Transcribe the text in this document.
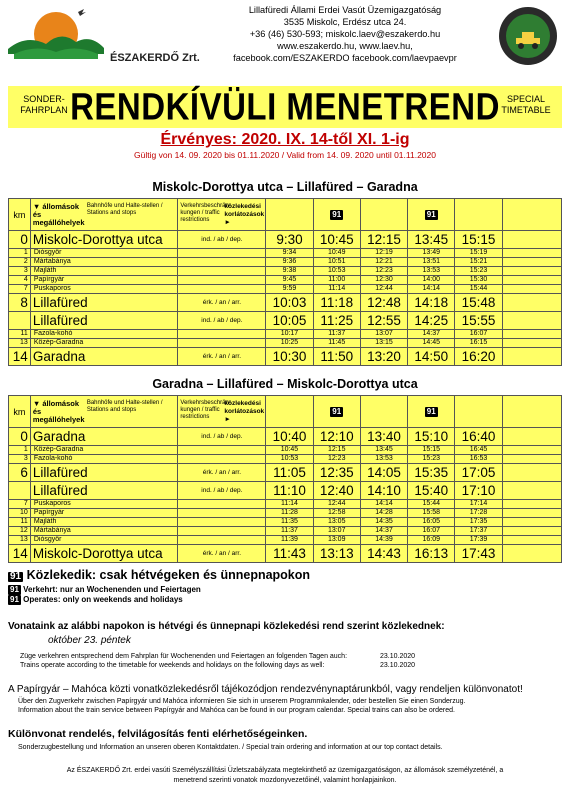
ÉSZAKERDŐ Zrt.
Lillafüredi Állami Erdei Vasút Üzemigazgatóság
3535 Miskolc, Erdész utca 24.
+36 (46) 530-593; miskolc.laev@eszakerdo.hu
www.eszakerdo.hu, www.laev.hu,
facebook.com/ESZAKERDO facebook.com/laevpaevpr
SONDER-
FAHRPLAN RENDKÍVÜLI MENETREND SPECIAL
TIMETABLE
Érvényes: 2020. IX. 14-től XI. 1-ig
Gültig von 14. 09. 2020 bis 01.11.2020 / Valid from 14. 09. 2020 until 01.11.2020
Miskolc-Dorottya utca – Lillafüred – Garadna
km	▼ állomások és megállóhelyekBahnhöfe und Halte-stellen / Stations and stops	Verkehrsbeschrän-kungen / traffic restrictionsközlekedési korlátozások ►		91		91		
0	Miskolc-Dorottya utca	ind. / ab / dep.	9:30	10:45	12:15	13:45	15:15	
1	Diósgyőr		9:34	10:49	12:19	13:49	15:19	
2	Mártabánya		9:36	10:51	12:21	13:51	15:21	
3	Majláth		9:38	10:53	12:23	13:53	15:23	
4	Papírgyár		9:45	11:00	12:30	14:00	15:30	
7	Puskaporos		9:59	11:14	12:44	14:14	15:44	
8	Lillafüred	érk. / an / arr.	10:03	11:18	12:48	14:18	15:48	
	Lillafüred	ind. / ab / dep.	10:05	11:25	12:55	14:25	15:55	
11	Fazola-kohó		10:17	11:37	13:07	14:37	16:07	
13	Közép-Garadna		10:25	11:45	13:15	14:45	16:15	
14	Garadna	érk. / an / arr.	10:30	11:50	13:20	14:50	16:20	
Garadna – Lillafüred – Miskolc-Dorottya utca
km	▼ állomások és megállóhelyekBahnhöfe und Halte-stellen / Stations and stops	Verkehrsbeschrän-kungen / traffic restrictionsközlekedési korlátozások ►		91		91		
0	Garadna	ind. / ab / dep.	10:40	12:10	13:40	15:10	16:40	
1	Közép-Garadna		10:45	12:15	13:45	15:15	16:45	
3	Fazola-kohó		10:53	12:23	13:53	15:23	16:53	
6	Lillafüred	érk. / an / arr.	11:05	12:35	14:05	15:35	17:05	
	Lillafüred	ind. / ab / dep.	11:10	12:40	14:10	15:40	17:10	
7	Puskaporos		11:14	12:44	14:14	15:44	17:14	
10	Papírgyár		11:28	12:58	14:28	15:58	17:28	
11	Majláth		11:35	13:05	14:35	16:05	17:35	
12	Mártabánya		11:37	13:07	14:37	16:07	17:37	
13	Diósgyőr		11:39	13:09	14:39	16:09	17:39	
14	Miskolc-Dorottya utca	érk. / an / arr.	11:43	13:13	14:43	16:13	17:43	
91 Közlekedik: csak hétvégeken és ünnepnapokon
91 Verkehrt: nur an Wochenenden und Feiertagen
91 Operates: only on weekends and holidays
Vonataink az alábbi napokon is hétvégi és ünnepnapi közlekedési rend szerint közlekednek:
október 23. péntek
Züge verkehren entsprechend dem Fahrplan für Wochenenden und Feiertagen an folgenden Tagen auch:	23.10.2020
Trains operate according to the timetable for weekends and holidays on the following days as well:	23.10.2020
A Papírgyár – Mahóca közti vonatközlekedésről tájékozódjon rendezvénynaptárunkból, vagy rendeljen különvonatot!
Über den Zugverkehr zwischen Papírgyár und Mahóca informieren Sie sich in unserem Programmkalender, oder bestellen Sie einen Sonderzug.
Information about the train service between Papírgyár and Mahóca can be found in our program calendar. Special trains can also be ordered.
Különvonat rendelés, felvilágosítás fenti elérhetőségeinken.
Sonderzugbestellung und Information an unseren oberen Kontaktdaten. / Special train ordering and information at our top contact details.
Az ÉSZAKERDŐ Zrt. erdei vasúti Személyszállítási Üzletszabályzata megtekinthető az üzemigazgatóságon, az állomások személyzeténél, a
menetrend szerinti vonatok mozdonyvezetőinél, valamint honlapjainkon.
